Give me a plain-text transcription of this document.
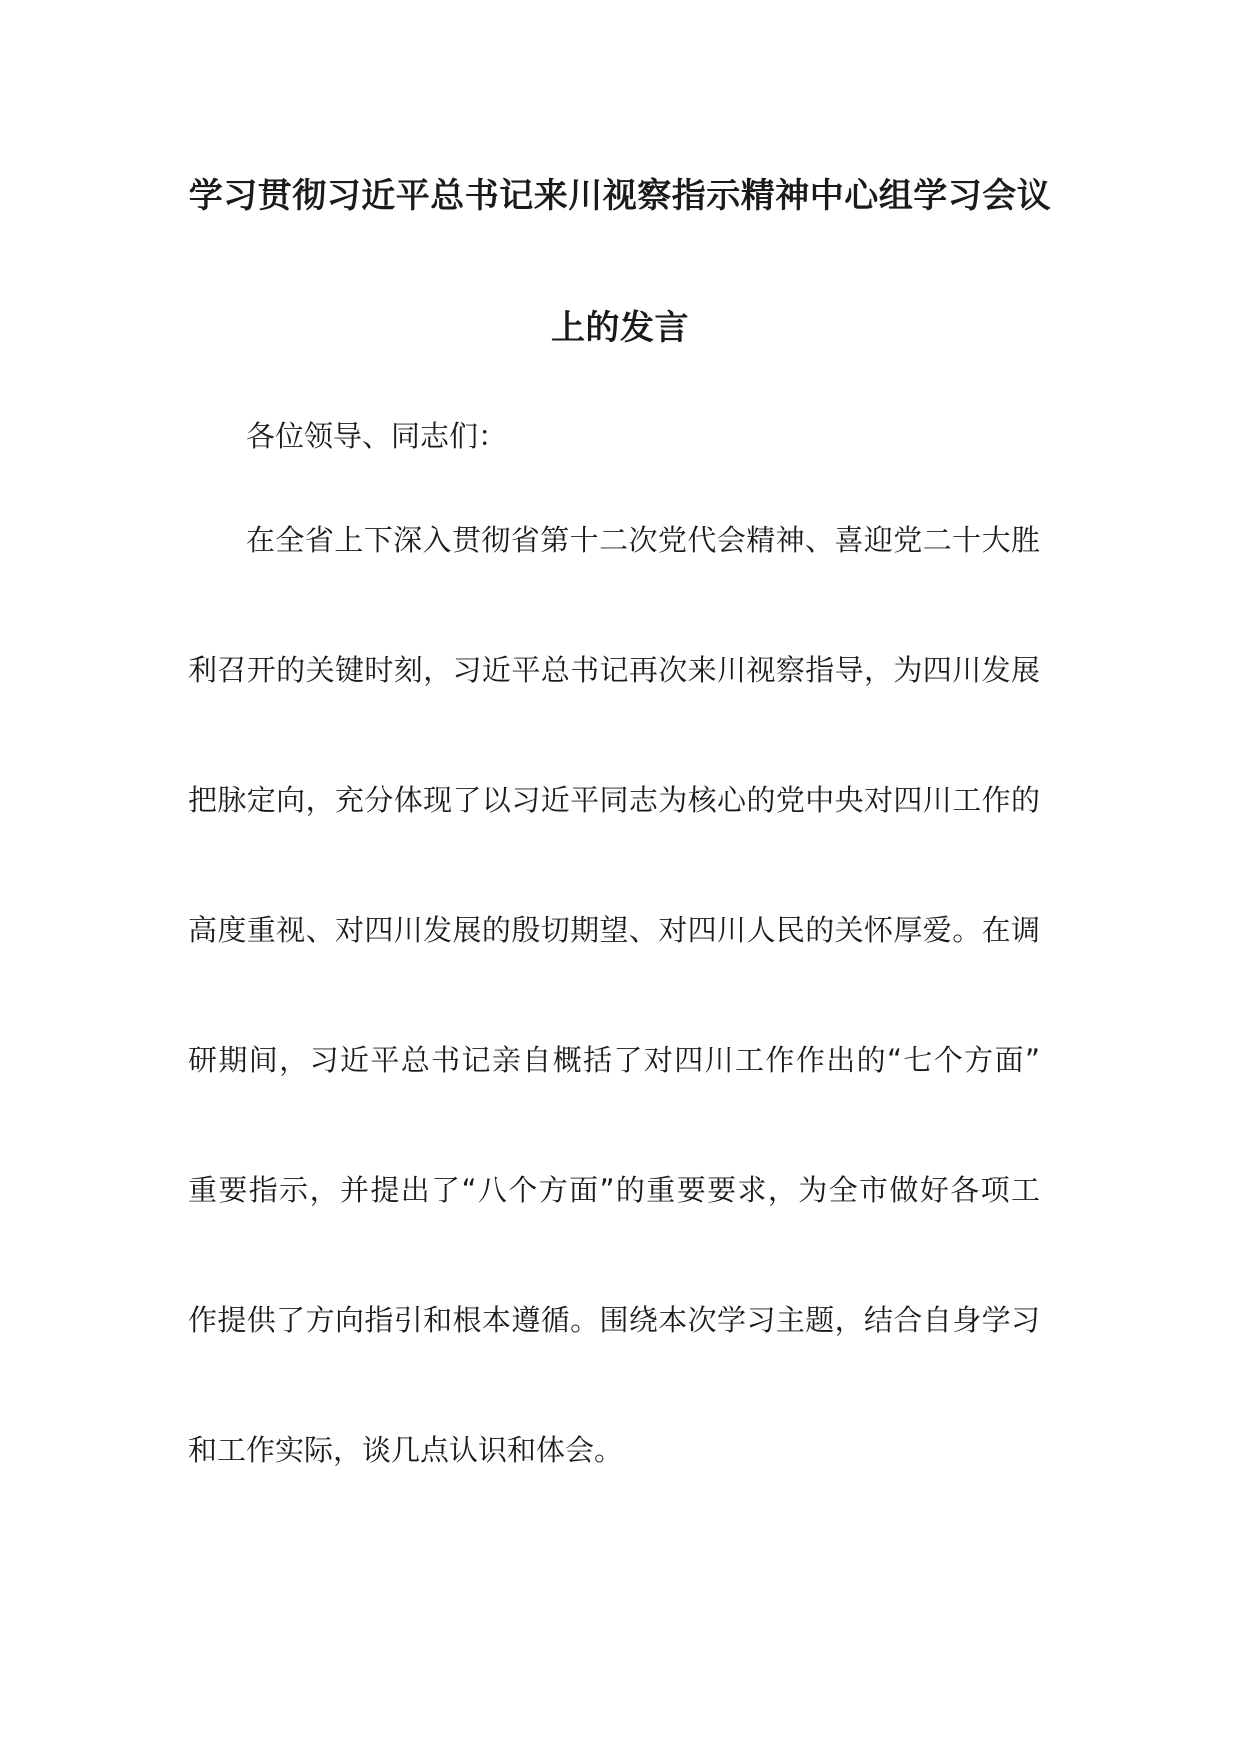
学习贯彻习近平总书记来川视察指示精神中心组学习会议
上的发言
各位领导、同志们：
在全省上下深入贯彻省第十二次党代会精神、喜迎党二十大胜
利召开的关键时刻，习近平总书记再次来川视察指导，为四川发展
把脉定向，充分体现了以习近平同志为核心的党中央对四川工作的
高度重视、对四川发展的殷切期望、对四川人民的关怀厚爱。在调
研期间，习近平总书记亲自概括了对四川工作作出的“七个方面”
重要指示，并提出了“八个方面”的重要要求，为全市做好各项工
作提供了方向指引和根本遵循。围绕本次学习主题，结合自身学习
和工作实际，谈几点认识和体会。
